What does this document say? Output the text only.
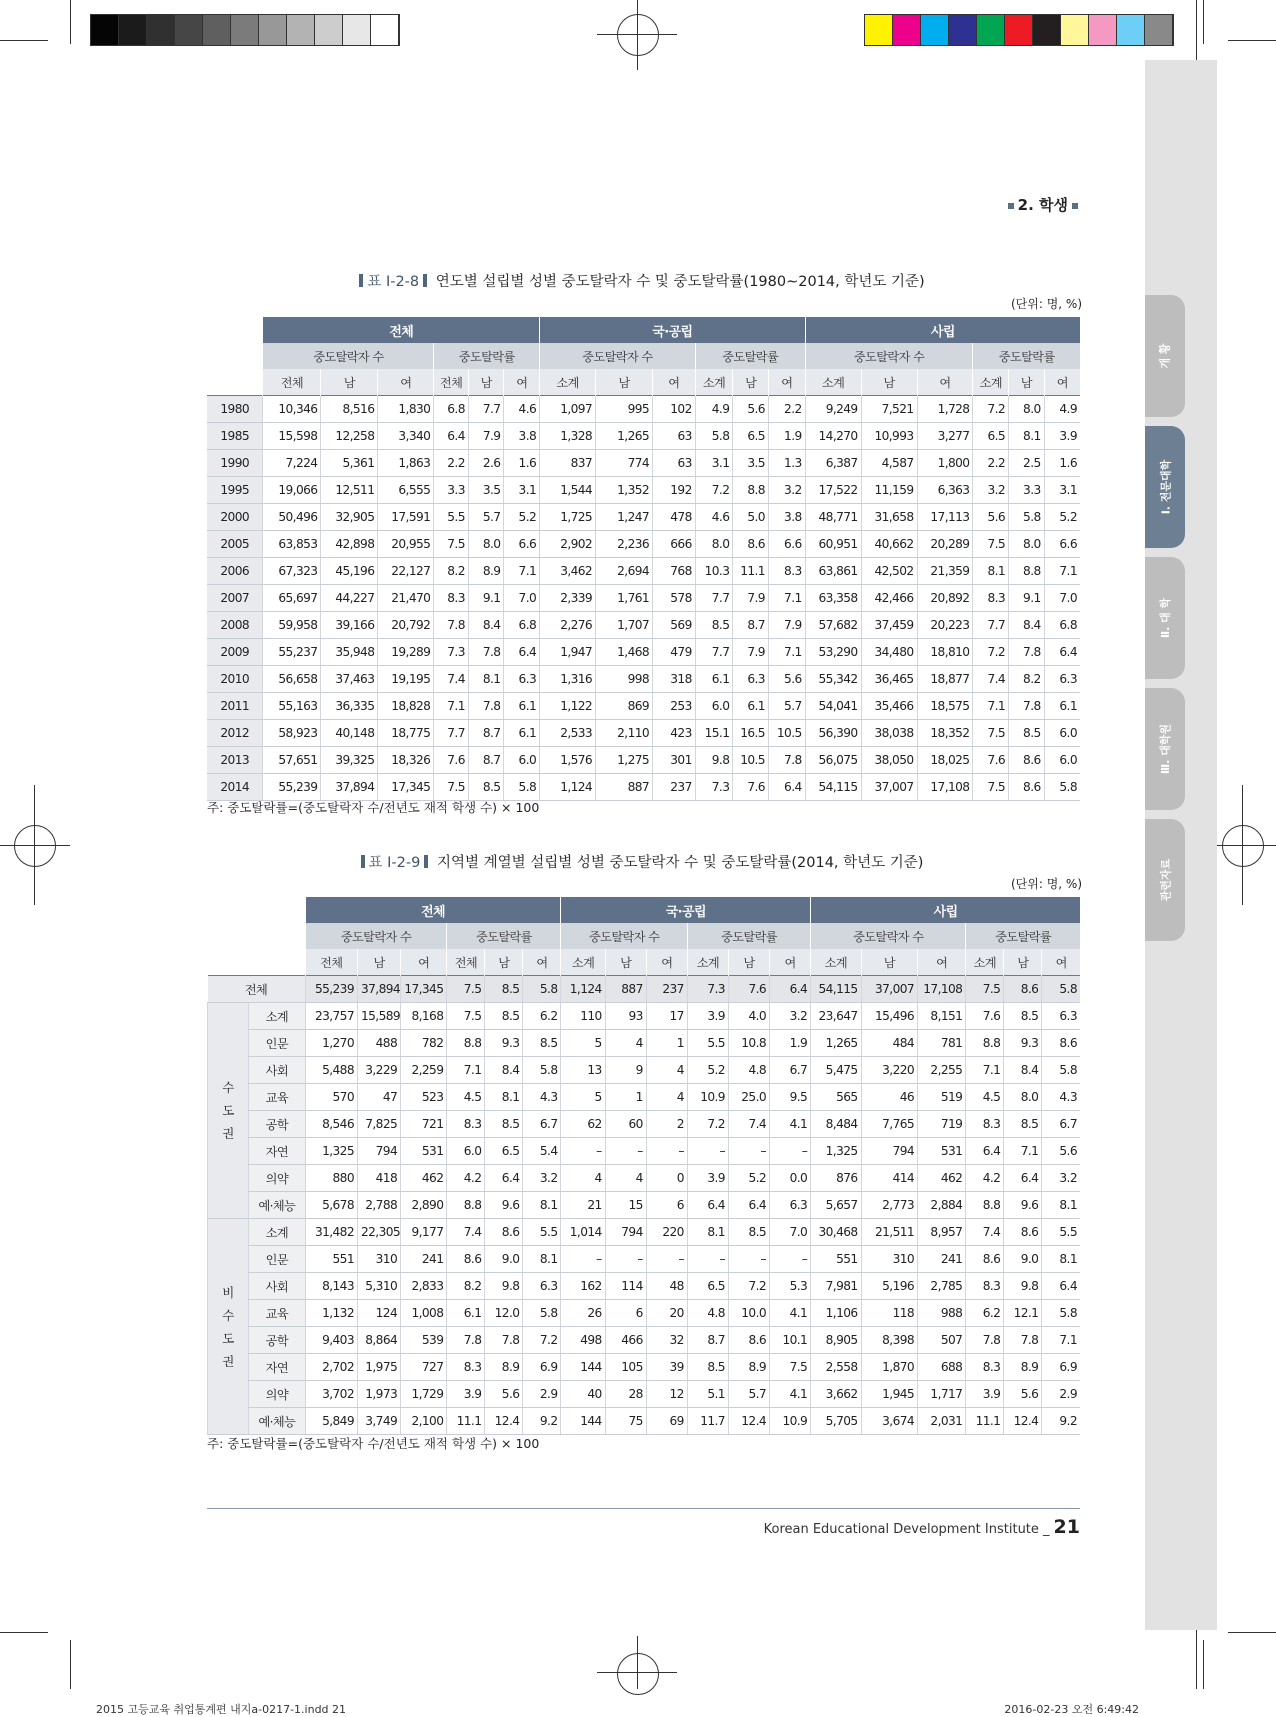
개 황
Ⅰ. 전문대학
Ⅱ. 대 학
Ⅲ. 대학원
관련자료
2. 학생
표 Ⅰ-2-8 연도별 설립별 성별 중도탈락자 수 및 중도탈락률(1980∼2014, 학년도 기준)
(단위: 명, %)
	전체						국·공립						사립					
	중도탈락자 수			중도탈락률			중도탈락자 수			중도탈락률			중도탈락자 수			중도탈락률		
	전체	남	여	전체	남	여	소계	남	여	소계	남	여	소계	남	여	소계	남	여
1980	10,346	8,516	1,830	6.8	7.7	4.6	1,097	995	102	4.9	5.6	2.2	9,249	7,521	1,728	7.2	8.0	4.9
1985	15,598	12,258	3,340	6.4	7.9	3.8	1,328	1,265	63	5.8	6.5	1.9	14,270	10,993	3,277	6.5	8.1	3.9
1990	7,224	5,361	1,863	2.2	2.6	1.6	837	774	63	3.1	3.5	1.3	6,387	4,587	1,800	2.2	2.5	1.6
1995	19,066	12,511	6,555	3.3	3.5	3.1	1,544	1,352	192	7.2	8.8	3.2	17,522	11,159	6,363	3.2	3.3	3.1
2000	50,496	32,905	17,591	5.5	5.7	5.2	1,725	1,247	478	4.6	5.0	3.8	48,771	31,658	17,113	5.6	5.8	5.2
2005	63,853	42,898	20,955	7.5	8.0	6.6	2,902	2,236	666	8.0	8.6	6.6	60,951	40,662	20,289	7.5	8.0	6.6
2006	67,323	45,196	22,127	8.2	8.9	7.1	3,462	2,694	768	10.3	11.1	8.3	63,861	42,502	21,359	8.1	8.8	7.1
2007	65,697	44,227	21,470	8.3	9.1	7.0	2,339	1,761	578	7.7	7.9	7.1	63,358	42,466	20,892	8.3	9.1	7.0
2008	59,958	39,166	20,792	7.8	8.4	6.8	2,276	1,707	569	8.5	8.7	7.9	57,682	37,459	20,223	7.7	8.4	6.8
2009	55,237	35,948	19,289	7.3	7.8	6.4	1,947	1,468	479	7.7	7.9	7.1	53,290	34,480	18,810	7.2	7.8	6.4
2010	56,658	37,463	19,195	7.4	8.1	6.3	1,316	998	318	6.1	6.3	5.6	55,342	36,465	18,877	7.4	8.2	6.3
2011	55,163	36,335	18,828	7.1	7.8	6.1	1,122	869	253	6.0	6.1	5.7	54,041	35,466	18,575	7.1	7.8	6.1
2012	58,923	40,148	18,775	7.7	8.7	6.1	2,533	2,110	423	15.1	16.5	10.5	56,390	38,038	18,352	7.5	8.5	6.0
2013	57,651	39,325	18,326	7.6	8.7	6.0	1,576	1,275	301	9.8	10.5	7.8	56,075	38,050	18,025	7.6	8.6	6.0
2014	55,239	37,894	17,345	7.5	8.5	5.8	1,124	887	237	7.3	7.6	6.4	54,115	37,007	17,108	7.5	8.6	5.8
주: 중도탈락률=(중도탈락자 수/전년도 재적 학생 수) × 100
표 Ⅰ-2-9 지역별 계열별 설립별 성별 중도탈락자 수 및 중도탈락률(2014, 학년도 기준)
(단위: 명, %)
		전체						국·공립						사립					
		중도탈락자 수			중도탈락률			중도탈락자 수			중도탈락률			중도탈락자 수			중도탈락률		
		전체	남	여	전체	남	여	소계	남	여	소계	남	여	소계	남	여	소계	남	여
전체		55,239	37,894	17,345	7.5	8.5	5.8	1,124	887	237	7.3	7.6	6.4	54,115	37,007	17,108	7.5	8.6	5.8
수
도
권	소계	23,757	15,589	8,168	7.5	8.5	6.2	110	93	17	3.9	4.0	3.2	23,647	15,496	8,151	7.6	8.5	6.3
	인문	1,270	488	782	8.8	9.3	8.5	5	4	1	5.5	10.8	1.9	1,265	484	781	8.8	9.3	8.6
	사회	5,488	3,229	2,259	7.1	8.4	5.8	13	9	4	5.2	4.8	6.7	5,475	3,220	2,255	7.1	8.4	5.8
	교육	570	47	523	4.5	8.1	4.3	5	1	4	10.9	25.0	9.5	565	46	519	4.5	8.0	4.3
	공학	8,546	7,825	721	8.3	8.5	6.7	62	60	2	7.2	7.4	4.1	8,484	7,765	719	8.3	8.5	6.7
	자연	1,325	794	531	6.0	6.5	5.4	–	–	–	–	–	–	1,325	794	531	6.4	7.1	5.6
	의약	880	418	462	4.2	6.4	3.2	4	4	0	3.9	5.2	0.0	876	414	462	4.2	6.4	3.2
	예·체능	5,678	2,788	2,890	8.8	9.6	8.1	21	15	6	6.4	6.4	6.3	5,657	2,773	2,884	8.8	9.6	8.1
비
수
도
권	소계	31,482	22,305	9,177	7.4	8.6	5.5	1,014	794	220	8.1	8.5	7.0	30,468	21,511	8,957	7.4	8.6	5.5
	인문	551	310	241	8.6	9.0	8.1	–	–	–	–	–	–	551	310	241	8.6	9.0	8.1
	사회	8,143	5,310	2,833	8.2	9.8	6.3	162	114	48	6.5	7.2	5.3	7,981	5,196	2,785	8.3	9.8	6.4
	교육	1,132	124	1,008	6.1	12.0	5.8	26	6	20	4.8	10.0	4.1	1,106	118	988	6.2	12.1	5.8
	공학	9,403	8,864	539	7.8	7.8	7.2	498	466	32	8.7	8.6	10.1	8,905	8,398	507	7.8	7.8	7.1
	자연	2,702	1,975	727	8.3	8.9	6.9	144	105	39	8.5	8.9	7.5	2,558	1,870	688	8.3	8.9	6.9
	의약	3,702	1,973	1,729	3.9	5.6	2.9	40	28	12	5.1	5.7	4.1	3,662	1,945	1,717	3.9	5.6	2.9
	예·체능	5,849	3,749	2,100	11.1	12.4	9.2	144	75	69	11.7	12.4	10.9	5,705	3,674	2,031	11.1	12.4	9.2
주: 중도탈락률=(중도탈락자 수/전년도 재적 학생 수) × 100
Korean Educational Development Institute _ 21
2015 고등교육 취업통계편 내지a-0217-1.indd 21	2016-02-23 오전 6:49:42
